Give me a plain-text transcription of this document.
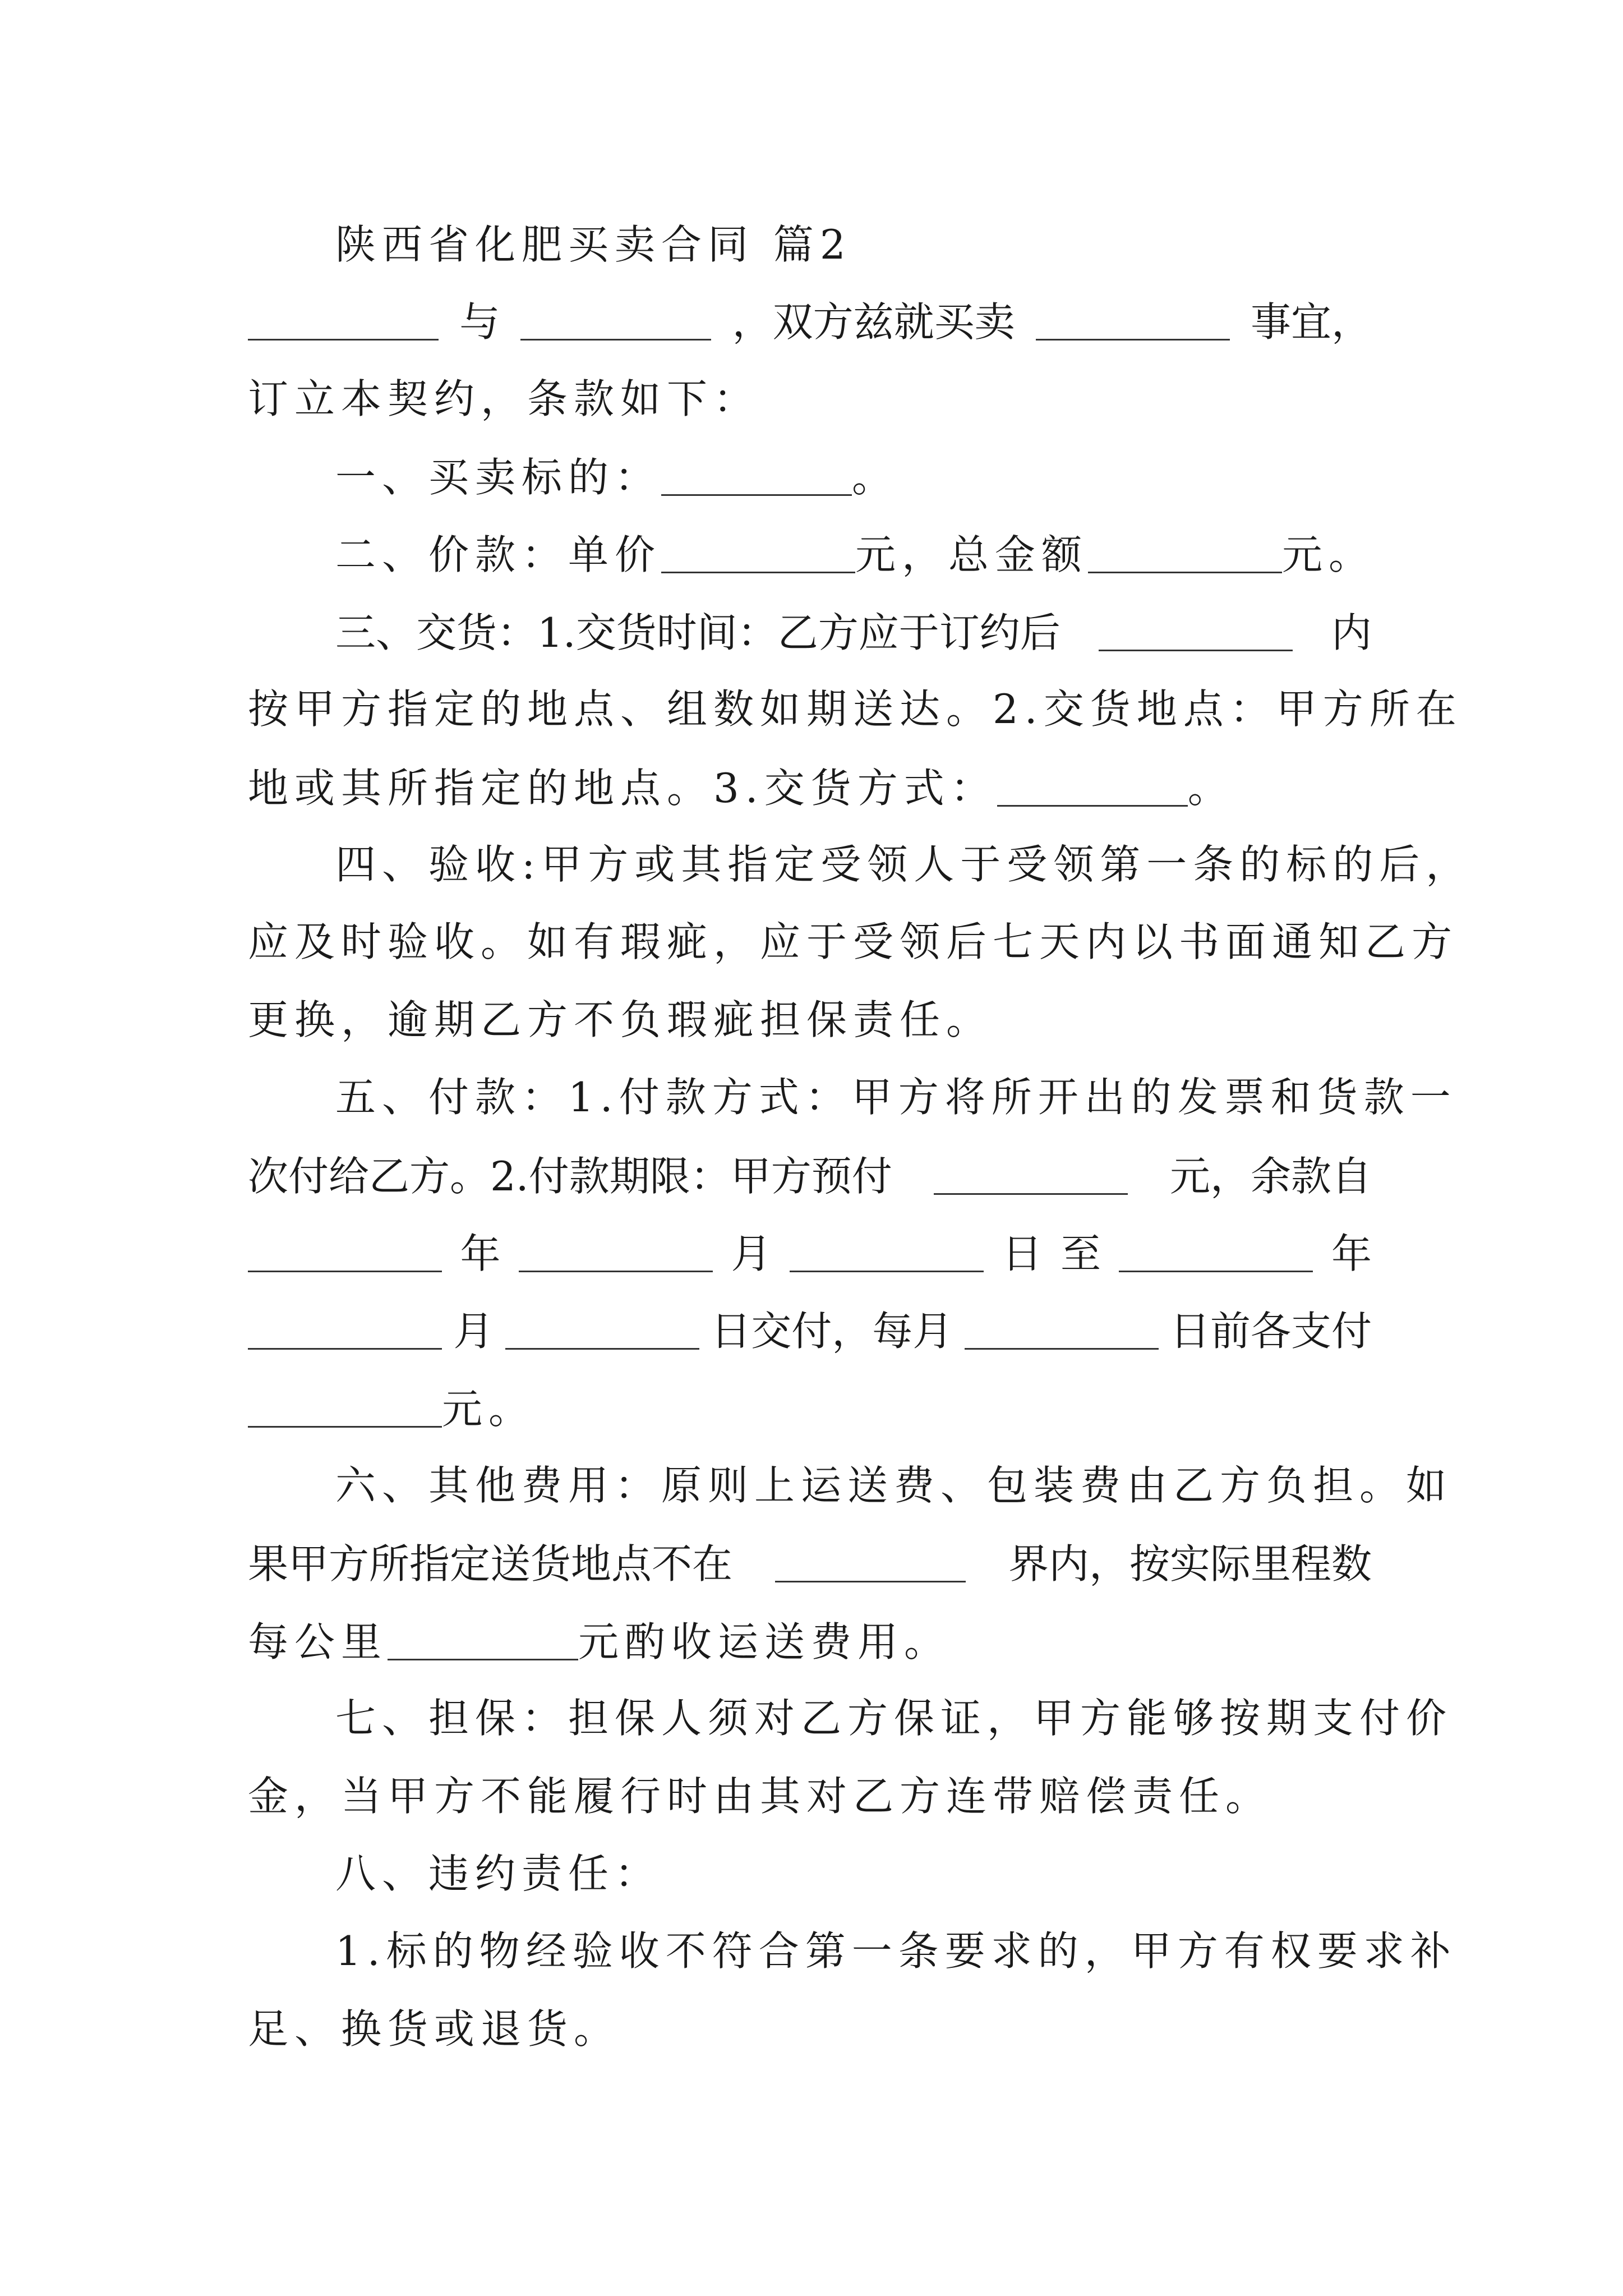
陕西省化肥买卖合同 篇2
与	，双方兹就买卖	事宜，
订立本契约，条款如下：
一、买卖标的：	。
二、价款：单价	元，总金额	元。
三、交货：1.交货时间：乙方应于订约后	内
按甲方指定的地点、组数如期送达。2.交货地点：甲方所在
地或其所指定的地点。3.交货方式：	。
四、验收:甲方或其指定受领人于受领第一条的标的后，
应及时验收。如有瑕疵，应于受领后七天内以书面通知乙方
更换，逾期乙方不负瑕疵担保责任。
五、付款：1.付款方式：甲方将所开出的发票和货款一
次付给乙方。2.付款期限：甲方预付	元，余款自
年	月	日 至	年
月	日交付，每月	日前各支付
元。
六、其他费用：原则上运送费、包装费由乙方负担。如
果甲方所指定送货地点不在	界内，按实际里程数
每公里	元酌收运送费用。
七、担保：担保人须对乙方保证，甲方能够按期支付价
金，当甲方不能履行时由其对乙方连带赔偿责任。
八、违约责任：
1.标的物经验收不符合第一条要求的，甲方有权要求补
足、换货或退货。
